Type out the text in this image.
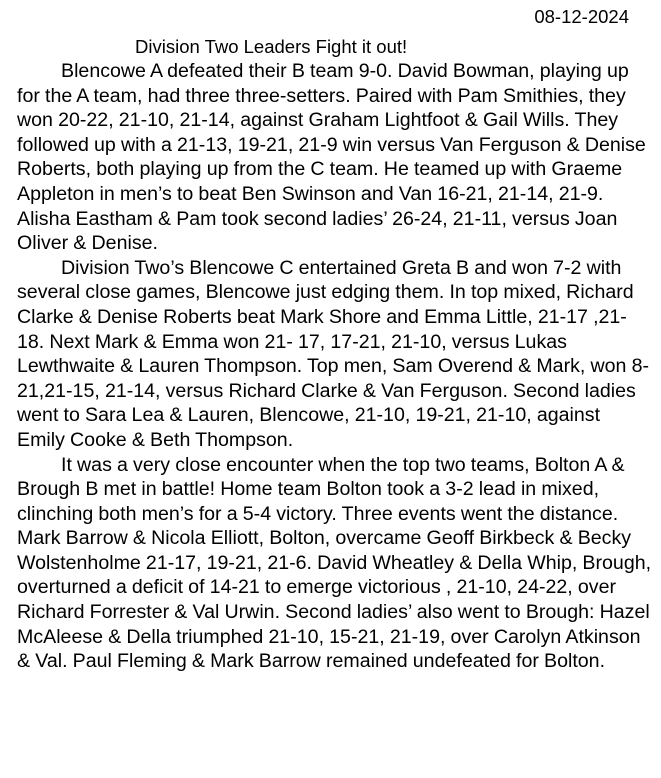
08-12-2024

Division Two Leaders Fight it out!

Blencowe A defeated their B team 9-0. David Bowman, playing up for the A team, had three three-setters. Paired with Pam Smithies, they won 20-22, 21-10, 21-14, against Graham Lightfoot & Gail Wills. They followed up with a 21-13, 19-21, 21-9 win versus Van Ferguson & Denise Roberts, both playing up from the C team. He teamed up with Graeme Appleton in men’s to beat Ben Swinson and Van 16-21, 21-14, 21-9. Alisha Eastham & Pam took second ladies’ 26-24, 21-11, versus Joan Oliver & Denise.

Division Two’s Blencowe C entertained Greta B and won 7-2 with several close games, Blencowe just edging them. In top mixed, Richard Clarke & Denise Roberts beat Mark Shore and Emma Little, 21-17 ,21-18. Next Mark & Emma won 21- 17, 17-21, 21-10, versus Lukas Lewthwaite & Lauren Thompson. Top men, Sam Overend & Mark, won 8-21,21-15, 21-14, versus Richard Clarke & Van Ferguson. Second ladies went to Sara Lea & Lauren, Blencowe, 21-10, 19-21, 21-10, against Emily Cooke & Beth Thompson.

It was a very close encounter when the top two teams, Bolton A & Brough B met in battle! Home team Bolton took a 3-2 lead in mixed, clinching both men’s for a 5-4 victory. Three events went the distance. Mark Barrow & Nicola Elliott, Bolton, overcame Geoff Birkbeck & Becky Wolstenholme 21-17, 19-21, 21-6. David Wheatley & Della Whip, Brough, overturned a deficit of 14-21 to emerge victorious , 21-10, 24-22, over Richard Forrester & Val Urwin. Second ladies’ also went to Brough: Hazel McAleese & Della triumphed 21-10, 15-21, 21-19, over Carolyn Atkinson & Val. Paul Fleming & Mark Barrow remained undefeated for Bolton.
